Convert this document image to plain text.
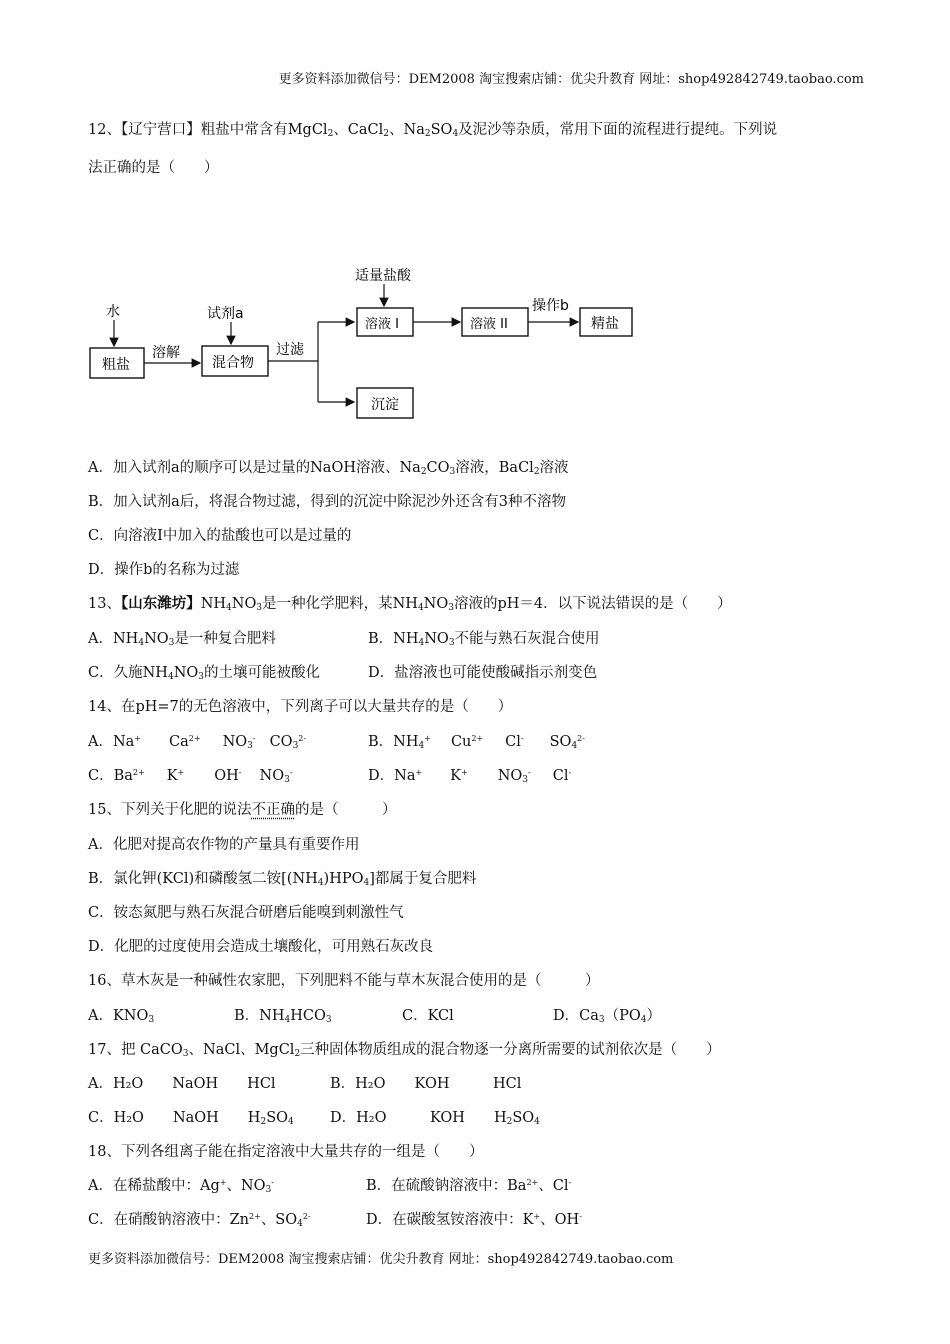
更多资料添加微信号：DEM2008 淘宝搜索店铺：优尖升教育 网址：shop492842749.taobao.com
12、【辽宁营口】粗盐中常含有MgCl$_2$、CaCl$_2$、$Na_2SO_4$及泥沙等杂质，常用下面的流程进行提纯。下列说
法正确的是（　　）
水
粗盐
溶解
试剂a
混合物
过滤
适量盐酸
溶液 I	溶液 II
操作b
精盐
沉淀
A．加入试剂a的顺序可以是过量的NaOH溶液、$Na_2CO_3$溶液，BaCl$_2$溶液
B．加入试剂a后，将混合物过滤，得到的沉淀中除泥沙外还含有3种不溶物
C．向溶液I中加入的盐酸也可以是过量的
D．操作b的名称为过滤
13、【山东潍坊】$NH_4NO_3$是一种化学肥料，某$NH_4NO_3$溶液的pH＝4．以下说法错误的是（　　）
A．$NH_4NO_3$是一种复合肥料	B．$NH_4NO_3$不能与熟石灰混合使用
C．久施$NH_4NO_3$的土壤可能被酸化	D．盐溶液也可能使酸碱指示剂变色
14、在pH=7的无色溶液中，下列离子可以大量共存的是（　　）
A．Na+ $Ca^{2+}$ $NO_3^-$ $CO_3^{2-}$	B．$NH_4^+$ $Cu^{2+}$ Cl- $SO_4^{2-}$
C．$Ba^{2+}$ K+ OH- $NO_3^-$	D．Na+ K+ $NO_3^-$ Cl-
15、下列关于化肥的说法不正确的是（　　　）
A．化肥对提高农作物的产量具有重要作用
B．氯化钾(KCl)和磷酸氢二铵$[(NH_4)HPO_4]$都属于复合肥料
C．铵态氮肥与熟石灰混合研磨后能嗅到刺激性气
D．化肥的过度使用会造成土壤酸化，可用熟石灰改良
16、草木灰是一种碱性农家肥，下列肥料不能与草木灰混合使用的是（　　　）
A．$KNO_3$	B．$NH_4HCO_3$	C．KCl	D．$Ca_3(PO_4)$
17、把 CaCO$_3$、NaCl、MgCl$_2$三种固体物质组成的混合物逐一分离所需要的试剂依次是（　　）
A．H₂O　　NaOH　　HCl	B．H₂O　　KOH　　　HCl
C．H₂O　　NaOH　　$H_2SO_4$	D．H₂O　　　KOH　　$H_2SO_4$
18、下列各组离子能在指定溶液中大量共存的一组是（　　）
A．在稀盐酸中：Ag+、$NO_3^-$	B．在硫酸钠溶液中：$Ba^{2+}$、Cl-
C．在硝酸钠溶液中：$Zn^{2+}$、$SO_4^{2-}$	D．在碳酸氢铵溶液中：K+、OH-
更多资料添加微信号：DEM2008 淘宝搜索店铺：优尖升教育 网址：shop492842749.taobao.com
